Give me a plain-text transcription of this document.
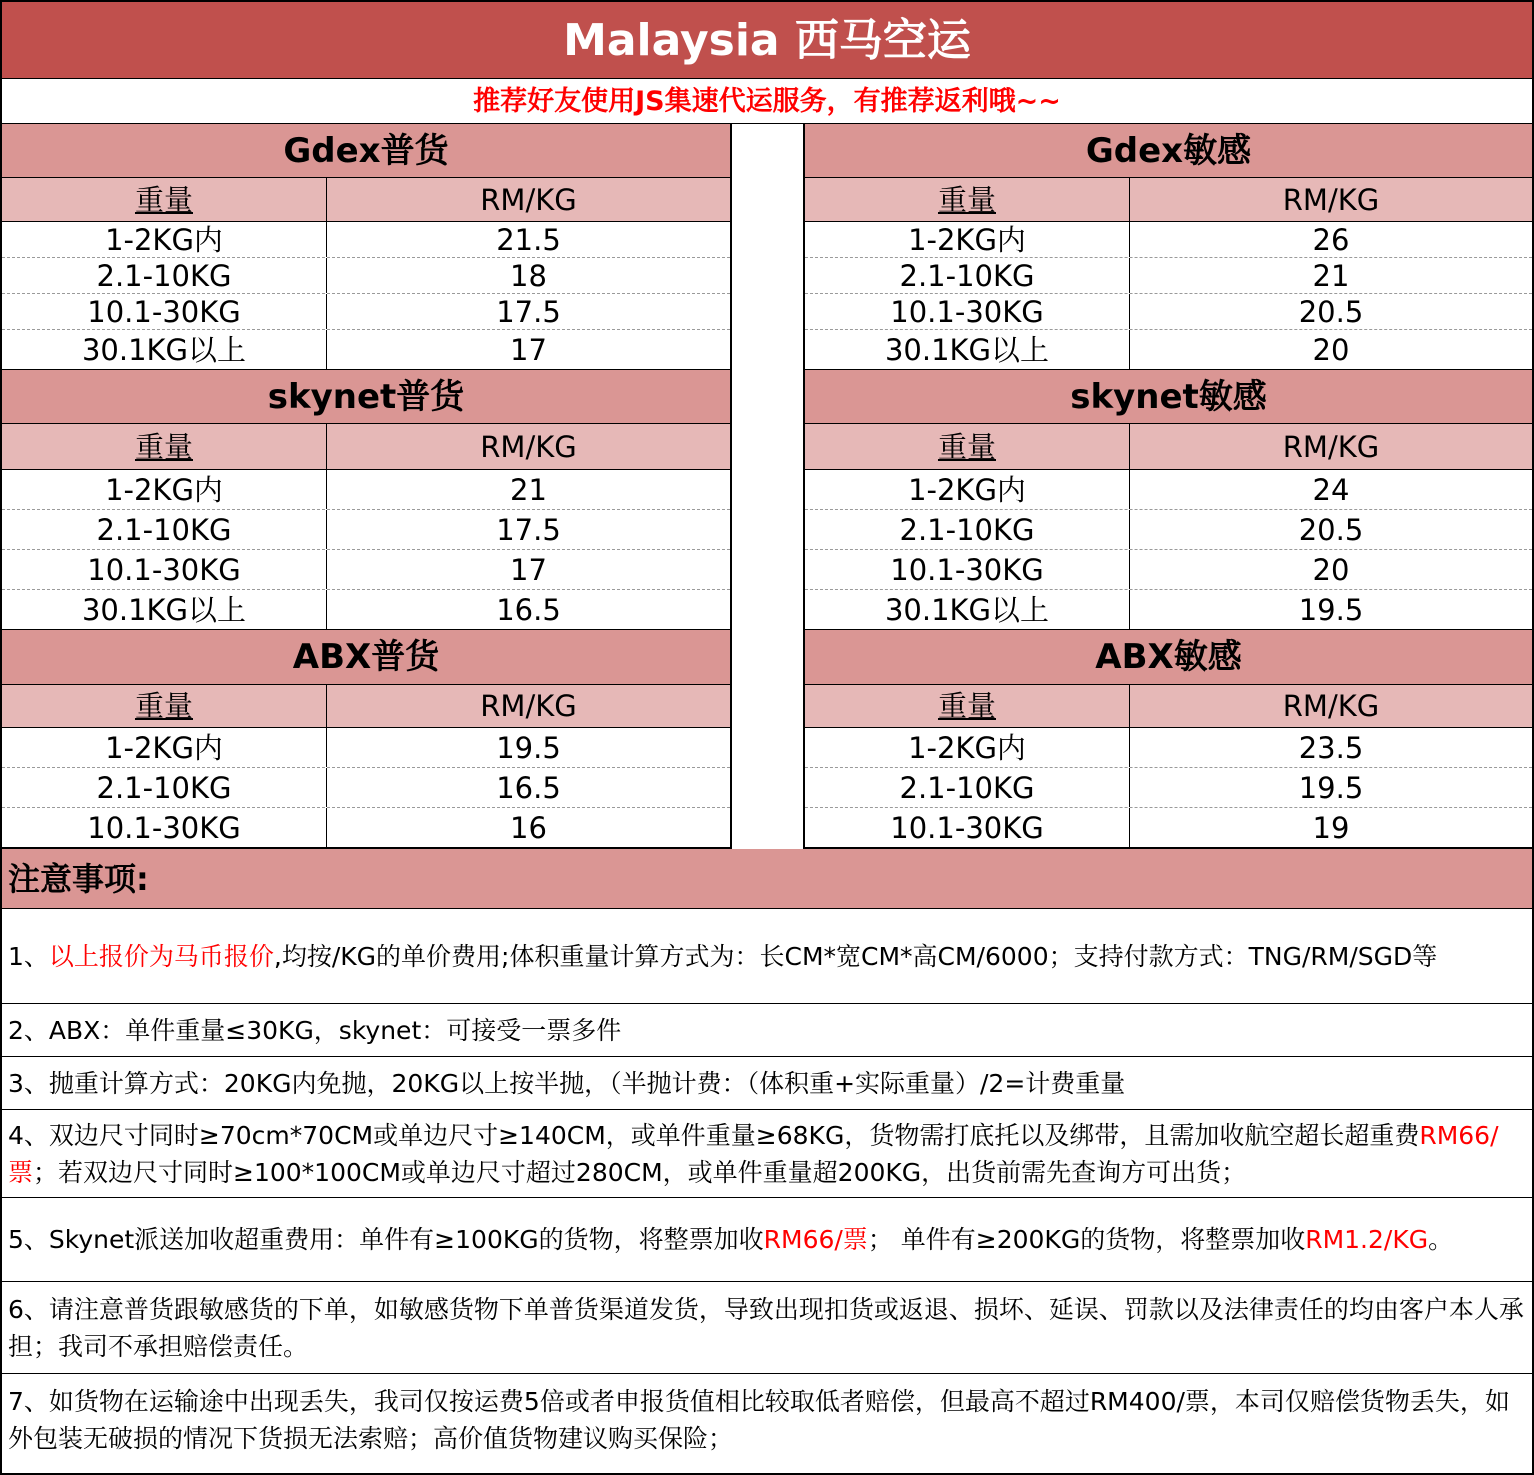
Malaysia 西马空运
推荐好友使用JS集速代运服务，有推荐返利哦~~
Gdex普货
重量	RM/KG
1-2KG内	21.5
2.1-10KG	18
10.1-30KG	17.5
30.1KG以上	17
skynet普货
重量	RM/KG
1-2KG内	21
2.1-10KG	17.5
10.1-30KG	17
30.1KG以上	16.5
ABX普货
重量	RM/KG
1-2KG内	19.5
2.1-10KG	16.5
10.1-30KG	16
Gdex敏感
重量	RM/KG
1-2KG内	26
2.1-10KG	21
10.1-30KG	20.5
30.1KG以上	20
skynet敏感
重量	RM/KG
1-2KG内	24
2.1-10KG	20.5
10.1-30KG	20
30.1KG以上	19.5
ABX敏感
重量	RM/KG
1-2KG内	23.5
2.1-10KG	19.5
10.1-30KG	19
注意事项:
1、以上报价为马币报价,均按/KG的单价费用;体积重量计算方式为：长CM*宽CM*高CM/6000；支持付款方式：TNG/RM/SGD等
2、ABX：单件重量≤30KG，skynet：可接受一票多件
3、抛重计算方式：20KG内免抛，20KG以上按半抛，（半抛计费：（体积重+实际重量）/2=计费重量
4、双边尺寸同时≥70cm*70CM或单边尺寸≥140CM，或单件重量≥68KG，货物需打底托以及绑带，且需加收航空超长超重费RM66/票；若双边尺寸同时≥100*100CM或单边尺寸超过280CM，或单件重量超200KG，出货前需先查询方可出货；
5、Skynet派送加收超重费用：单件有≥100KG的货物，将整票加收RM66/票； 单件有≥200KG的货物，将整票加收RM1.2/KG。
6、请注意普货跟敏感货的下单，如敏感货物下单普货渠道发货，导致出现扣货或返退、损坏、延误、罚款以及法律责任的均由客户本人承担；我司不承担赔偿责任。
7、如货物在运输途中出现丢失，我司仅按运费5倍或者申报货值相比较取低者赔偿，但最高不超过RM400/票，本司仅赔偿货物丢失，如外包装无破损的情况下货损无法索赔；高价值货物建议购买保险；
